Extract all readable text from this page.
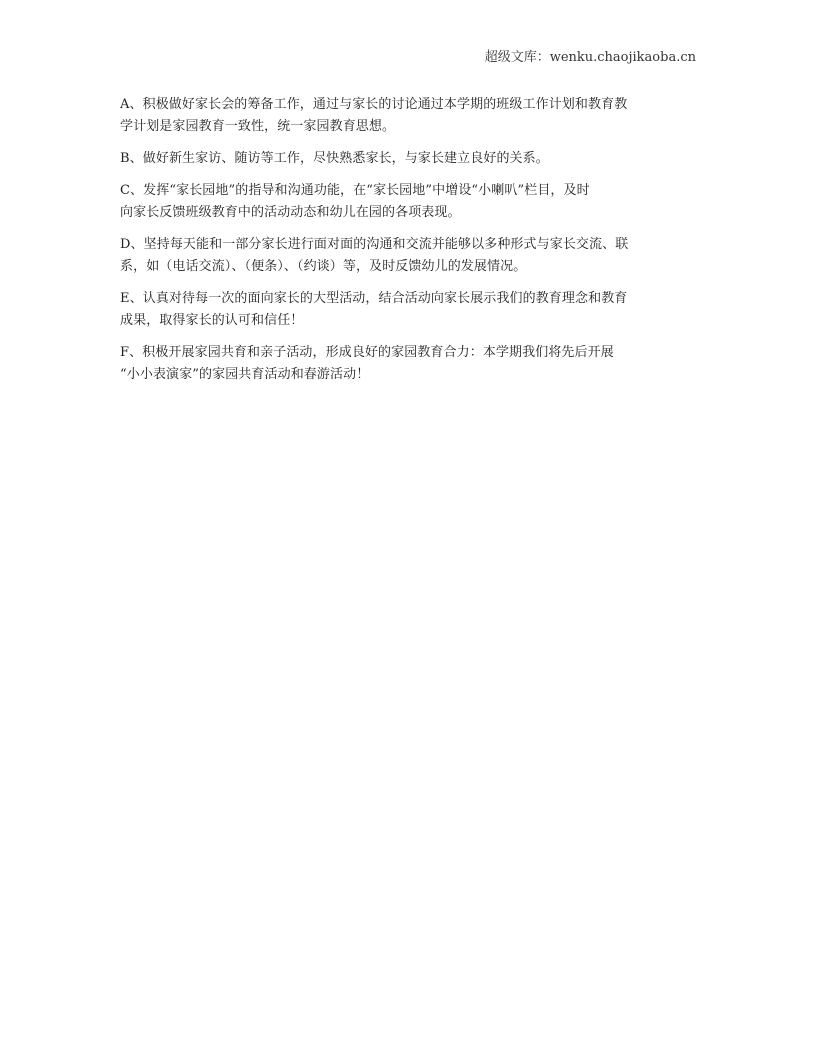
超级文库：wenku.chaojikaoba.cn

A、积极做好家长会的筹备工作，通过与家长的讨论通过本学期的班级工作计划和教育教
学计划是家园教育一致性，统一家园教育思想。

B、做好新生家访、随访等工作，尽快熟悉家长，与家长建立良好的关系。

C、发挥“家长园地”的指导和沟通功能，在“家长园地”中增设“小喇叭”栏目，及时
向家长反馈班级教育中的活动动态和幼儿在园的各项表现。

D、坚持每天能和一部分家长进行面对面的沟通和交流并能够以多种形式与家长交流、联
系，如（电话交流）、（便条）、（约谈）等，及时反馈幼儿的发展情况。

E、认真对待每一次的面向家长的大型活动，结合活动向家长展示我们的教育理念和教育
成果，取得家长的认可和信任！

F、积极开展家园共育和亲子活动，形成良好的家园教育合力：本学期我们将先后开展
“小小表演家”的家园共育活动和春游活动！
